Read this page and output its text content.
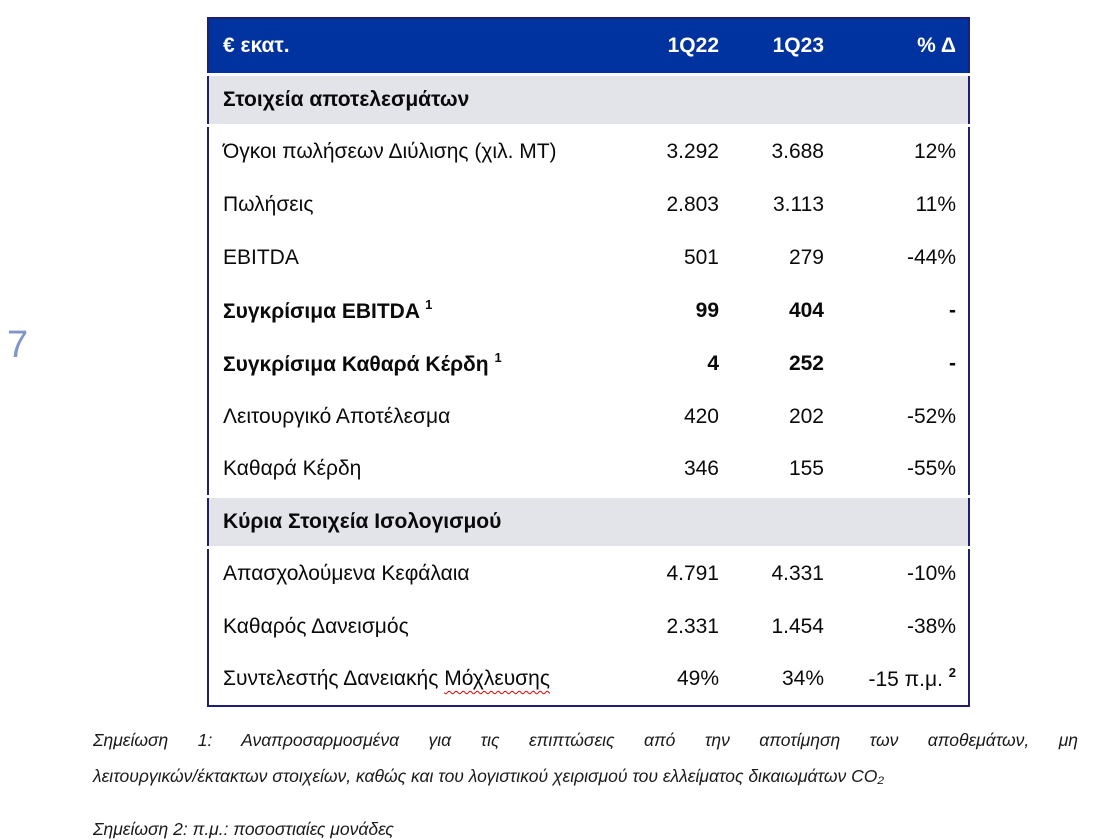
7
€ εκατ.	1Q22	1Q23	% Δ
Στοιχεία αποτελεσμάτων			
Όγκοι πωλήσεων Διύλισης (χιλ. ΜΤ)	3.292	3.688	12%
Πωλήσεις	2.803	3.113	11%
EBITDA	501	279	-44%
Συγκρίσιμα EBITDA $^1$	99	404	-
Συγκρίσιμα Καθαρά Κέρδη $^1$	4	252	-
Λειτουργικό Αποτέλεσμα	420	202	-52%
Καθαρά Κέρδη	346	155	-55%
Κύρια Στοιχεία Ισολογισμού			
Απασχολούμενα Κεφάλαια	4.791	4.331	-10%
Καθαρός Δανεισμός	2.331	1.454	-38%
Συντελεστής Δανειακής Μόχλευσης	49%	34%	-15 π.μ. $^2$
Σημείωση 1: Αναπροσαρμοσμένα για τις επιπτώσεις από την αποτίμηση των αποθεμάτων, μη
λειτουργικών/έκτακτων στοιχείων, καθώς και του λογιστικού χειρισμού του ελλείματος δικαιωμάτων CO₂
Σημείωση 2: π.μ.: ποσοστιαίες μονάδες
